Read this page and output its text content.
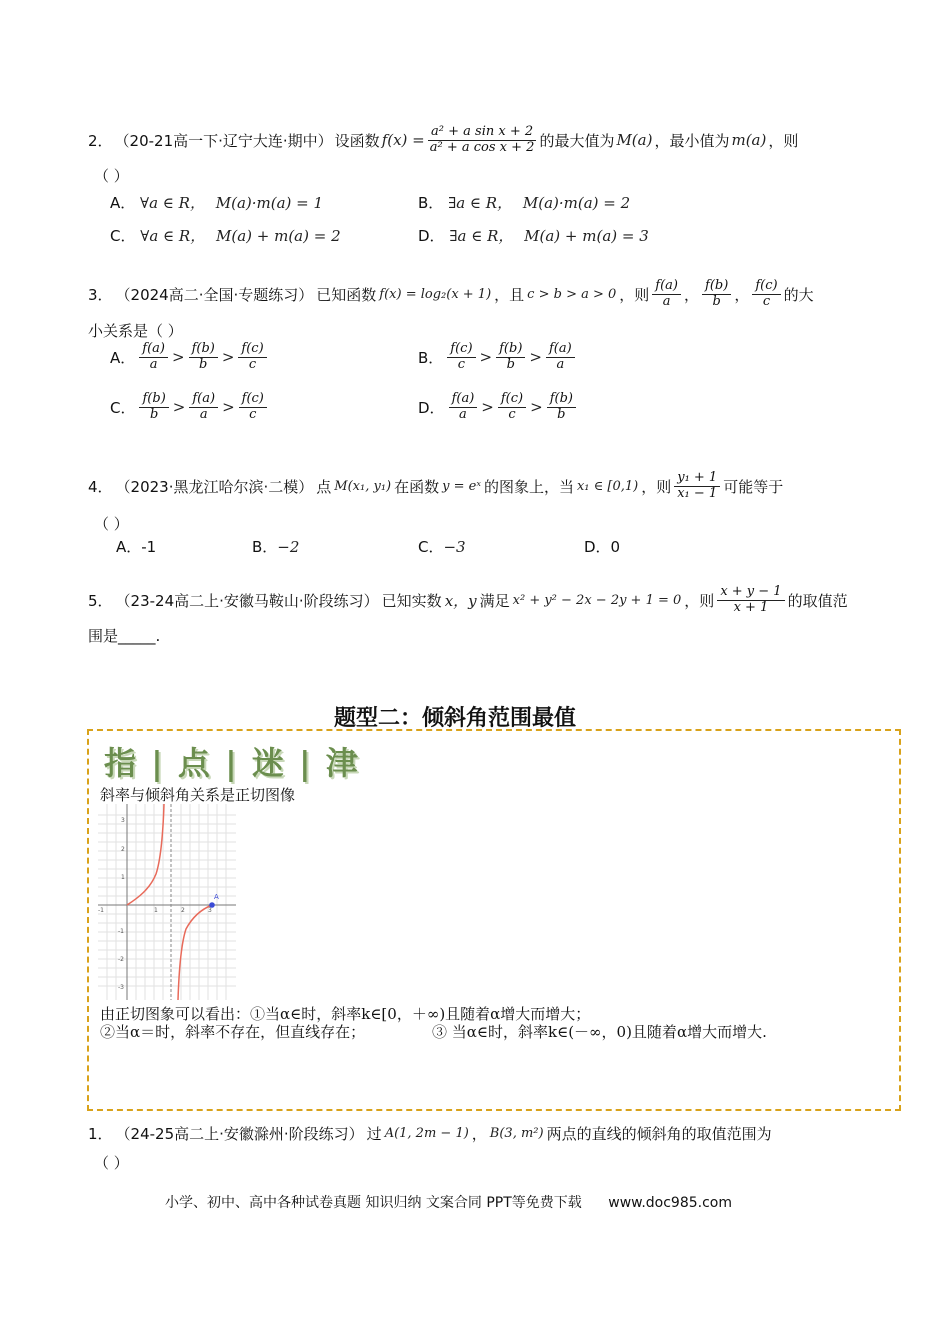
2． （20-21高一下·辽宁大连·期中） 设函数 $f(x) = \frac{\text{a² + a sin x + 2}}{\text{a² + a cos x + 2}}$ 的最大值为 M(a) ，最小值为 m(a) ，则
（ ）
A． ∀a ∈ R， M(a)·m(a) = 1	B． ∃a ∈ R， M(a)·m(a) = 2
C． ∀a ∈ R， M(a) + m(a) = 2	D． ∃a ∈ R， M(a) + m(a) = 3
3． （2024高二·全国·专题练习） 已知函数 f(x) = log₂(x + 1) ，且 c > b > a > 0 ，则 $\frac{f(a)}{a}$ ， $\frac{f(b)}{b}$ ， $\frac{f(c)}{c}$ 的大
小关系是（ ）
A． $\frac{f(a)}{a} > \frac{f(b)}{b} > \frac{f(c)}{c}$	B． $\frac{f(c)}{c} > \frac{f(b)}{b} > \frac{f(a)}{a}$
C． $\frac{f(b)}{b} > \frac{f(a)}{a} > \frac{f(c)}{c}$	D． $\frac{f(a)}{a} > \frac{f(c)}{c} > \frac{f(b)}{b}$
4． （2023·黑龙江哈尔滨·二模） 点 M(x₁, y₁) 在函数 y = eˣ 的图象上，当 x₁ ∈ [0,1) ，则 $\frac{\text{y₁ + 1}}{\text{x₁ − 1}}$ 可能等于
（ ）
A．-1	B．−2	C．−3	D．0
5． （23-24高二上·安徽马鞍山·阶段练习） 已知实数 x，y 满足 x² + y² − 2x − 2y + 1 = 0 ，则 $\frac{x + y - 1}{x + 1}$ 的取值范
围是_____.
题型二：倾斜角范围最值
指 | 点 | 迷 | 津
斜率与倾斜角关系是正切图像
A
-1	1	2	3
3
2
1
-1
-2
-3
由正切图象可以看出：①当α∈时，斜率k∈[0，＋∞)且随着α增大而增大；
②当α＝时，斜率不存在，但直线存在；	③ 当α∈时，斜率k∈(－∞，0)且随着α增大而增大.
1． （24-25高二上·安徽滁州·阶段练习） 过 A(1, 2m − 1) ， B(3, m²) 两点的直线的倾斜角的取值范围为
（ ）
小学、初中、高中各种试卷真题 知识归纳 文案合同 PPT等免费下载 www.doc985.com
